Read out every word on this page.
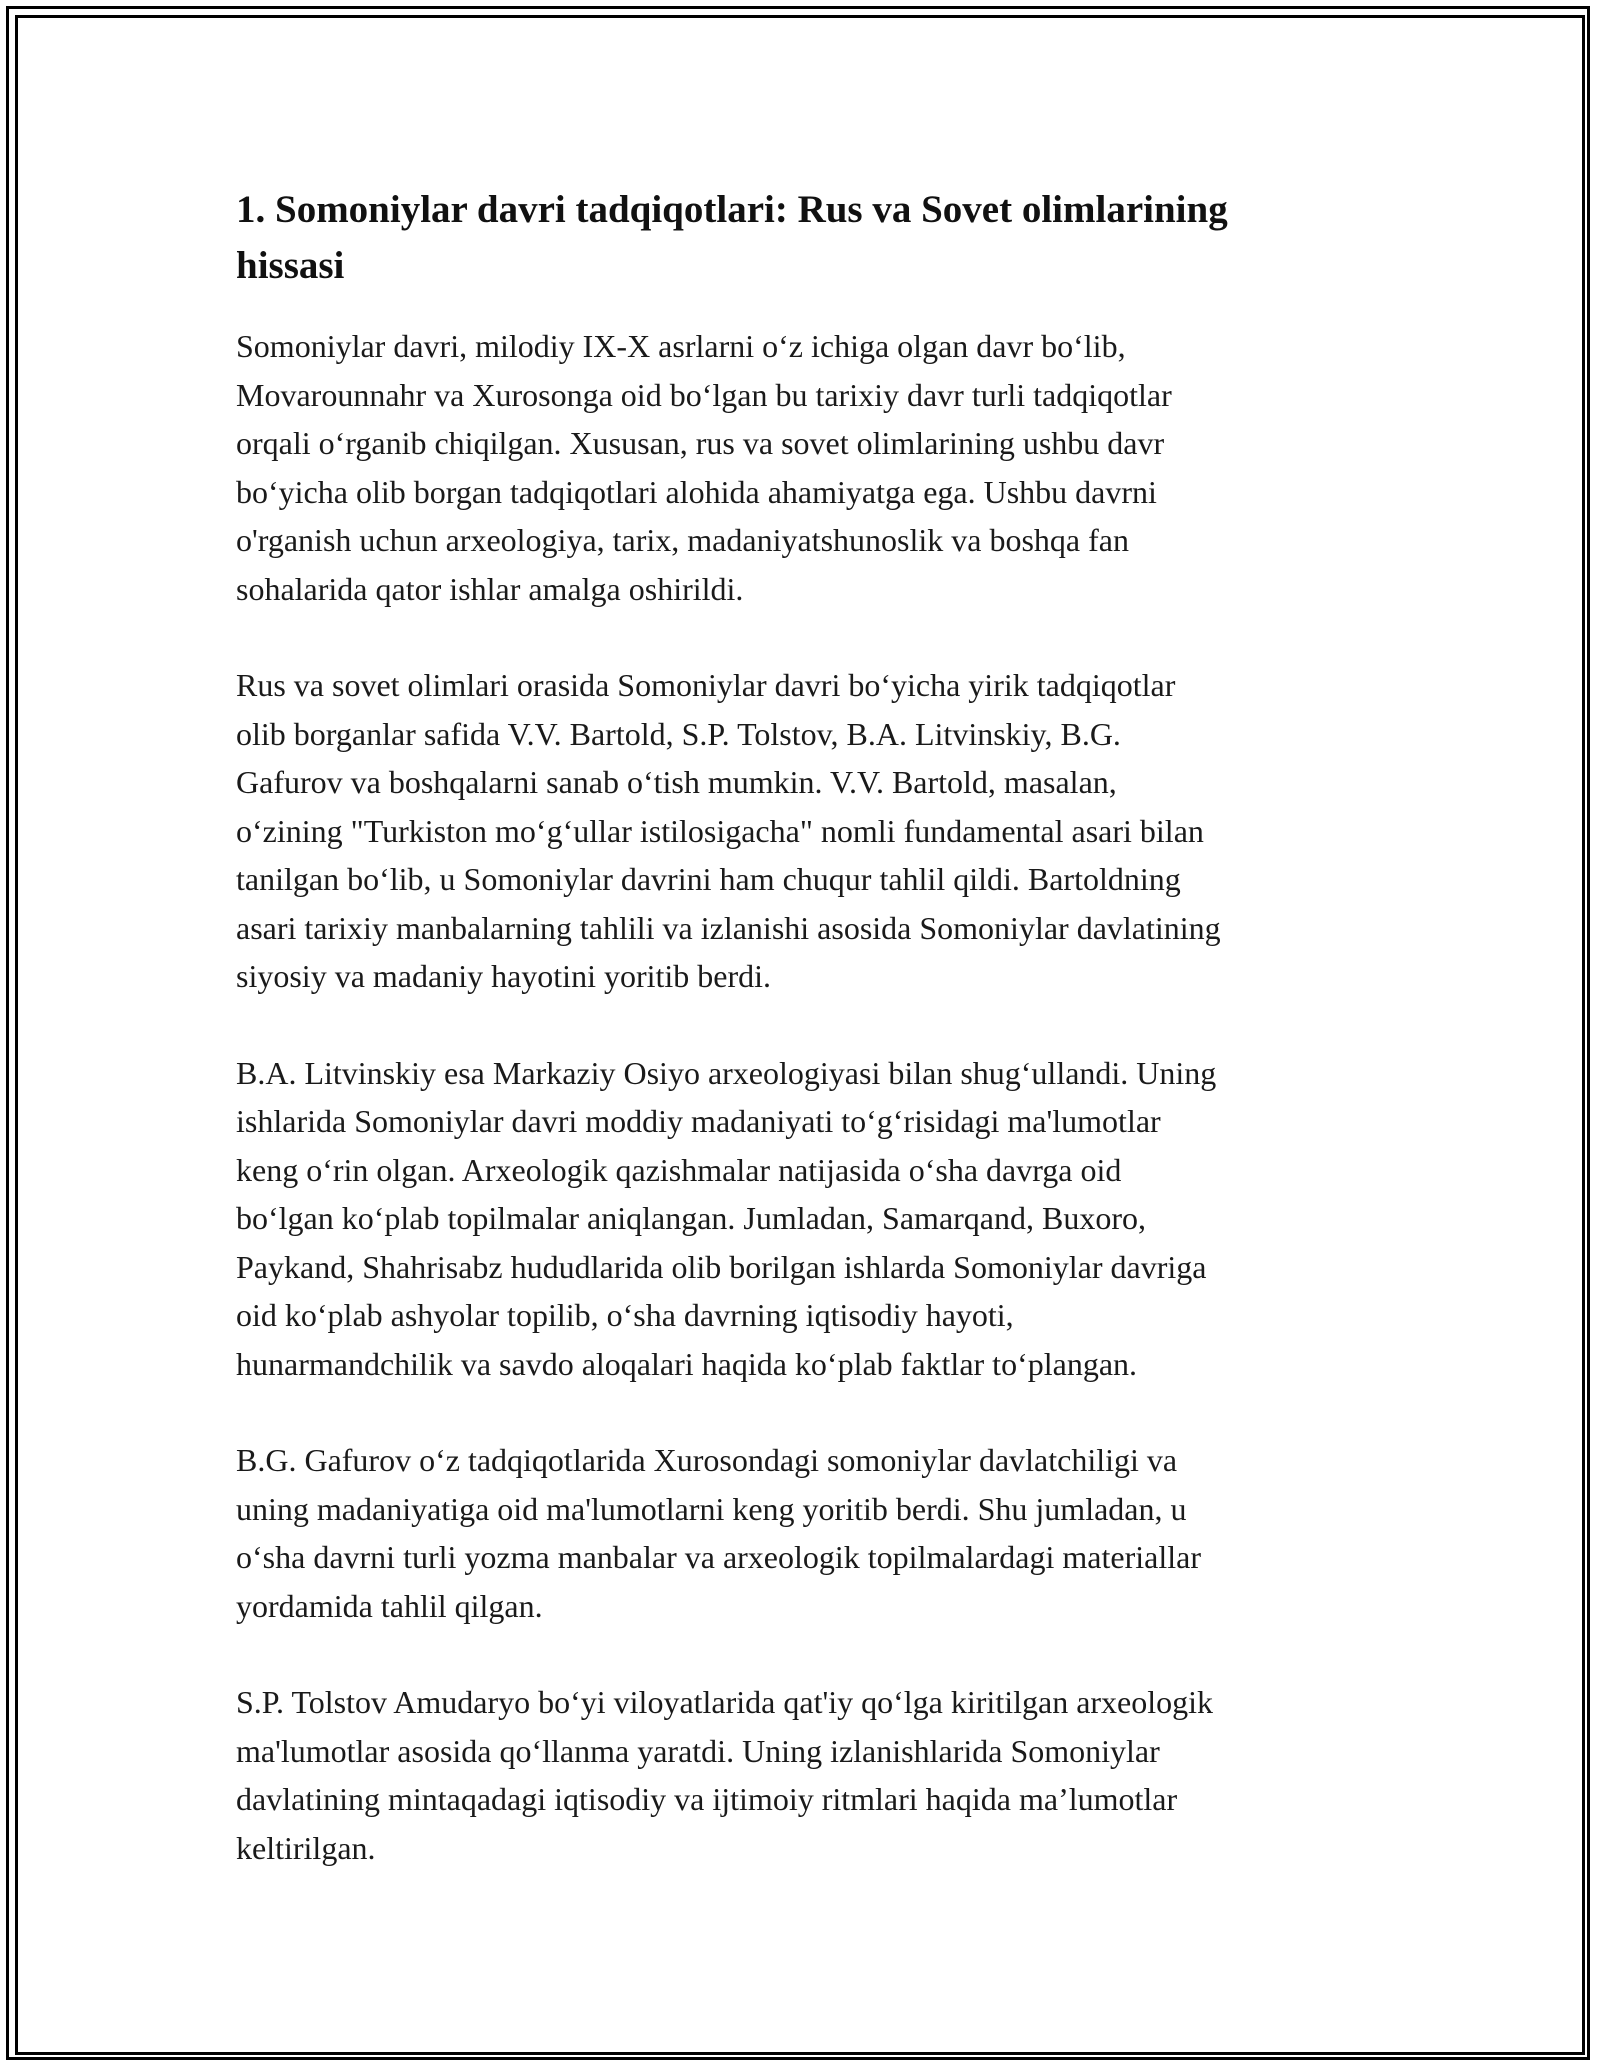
1. Somoniylar davri tadqiqotlari: Rus va Sovet olimlarining
hissasi

Somoniylar davri, milodiy IX-X asrlarni o‘z ichiga olgan davr bo‘lib,
Movarounnahr va Xurosonga oid bo‘lgan bu tarixiy davr turli tadqiqotlar
orqali o‘rganib chiqilgan. Xususan, rus va sovet olimlarining ushbu davr
bo‘yicha olib borgan tadqiqotlari alohida ahamiyatga ega. Ushbu davrni
o'rganish uchun arxeologiya, tarix, madaniyatshunoslik va boshqa fan
sohalarida qator ishlar amalga oshirildi.

Rus va sovet olimlari orasida Somoniylar davri bo‘yicha yirik tadqiqotlar
olib borganlar safida V.V. Bartold, S.P. Tolstov, B.A. Litvinskiy, B.G.
Gafurov va boshqalarni sanab o‘tish mumkin. V.V. Bartold, masalan,
o‘zining "Turkiston mo‘g‘ullar istilosigacha" nomli fundamental asari bilan
tanilgan bo‘lib, u Somoniylar davrini ham chuqur tahlil qildi. Bartoldning
asari tarixiy manbalarning tahlili va izlanishi asosida Somoniylar davlatining
siyosiy va madaniy hayotini yoritib berdi.

B.A. Litvinskiy esa Markaziy Osiyo arxeologiyasi bilan shug‘ullandi. Uning
ishlarida Somoniylar davri moddiy madaniyati to‘g‘risidagi ma'lumotlar
keng o‘rin olgan. Arxeologik qazishmalar natijasida o‘sha davrga oid
bo‘lgan ko‘plab topilmalar aniqlangan. Jumladan, Samarqand, Buxoro,
Paykand, Shahrisabz hududlarida olib borilgan ishlarda Somoniylar davriga
oid ko‘plab ashyolar topilib, o‘sha davrning iqtisodiy hayoti,
hunarmandchilik va savdo aloqalari haqida ko‘plab faktlar to‘plangan.

B.G. Gafurov o‘z tadqiqotlarida Xurosondagi somoniylar davlatchiligi va
uning madaniyatiga oid ma'lumotlarni keng yoritib berdi. Shu jumladan, u
o‘sha davrni turli yozma manbalar va arxeologik topilmalardagi materiallar
yordamida tahlil qilgan.

S.P. Tolstov Amudaryo bo‘yi viloyatlarida qat'iy qo‘lga kiritilgan arxeologik
ma'lumotlar asosida qo‘llanma yaratdi. Uning izlanishlarida Somoniylar
davlatining mintaqadagi iqtisodiy va ijtimoiy ritmlari haqida ma’lumotlar
keltirilgan.
